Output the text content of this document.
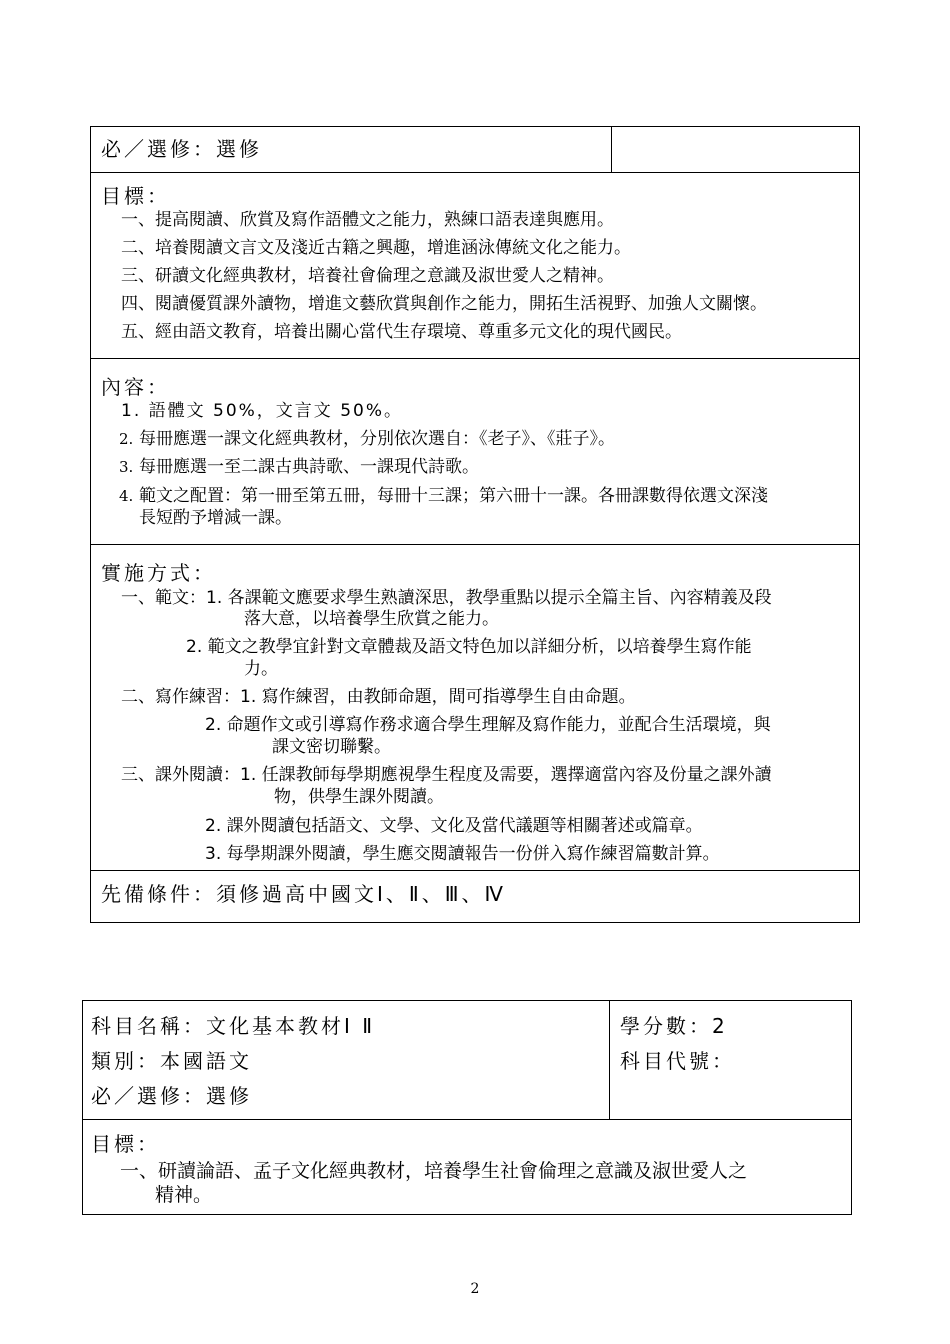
必／選修：選修
目標：
一、提高閱讀、欣賞及寫作語體文之能力，熟練口語表達與應用。
二、培養閱讀文言文及淺近古籍之興趣，增進涵泳傳統文化之能力。
三、研讀文化經典教材，培養社會倫理之意識及淑世愛人之精神。
四、閱讀優質課外讀物，增進文藝欣賞與創作之能力，開拓生活視野、加強人文關懷。
五、經由語文教育，培養出關心當代生存環境、尊重多元文化的現代國民。
內容：
1. 語體文 50%，文言文 50%。
2. 每冊應選一課文化經典教材，分別依次選自：《老子》、《莊子》。
3. 每冊應選一至二課古典詩歌、一課現代詩歌。
4. 範文之配置：第一冊至第五冊，每冊十三課；第六冊十一課。各冊課數得依選文深淺
長短酌予增減一課。
實施方式：
一、範文：1. 各課範文應要求學生熟讀深思，教學重點以提示全篇主旨、內容精義及段
落大意，以培養學生欣賞之能力。
2. 範文之教學宜針對文章體裁及語文特色加以詳細分析，以培養學生寫作能
力。
二、寫作練習：1. 寫作練習，由教師命題，間可指導學生自由命題。
2. 命題作文或引導寫作務求適合學生理解及寫作能力，並配合生活環境，與
課文密切聯繫。
三、課外閱讀：1. 任課教師每學期應視學生程度及需要，選擇適當內容及份量之課外讀
物，供學生課外閱讀。
2. 課外閱讀包括語文、文學、文化及當代議題等相關著述或篇章。
3. 每學期課外閱讀，學生應交閱讀報告一份併入寫作練習篇數計算。
先備條件：須修過高中國文Ⅰ、Ⅱ、Ⅲ、Ⅳ
科目名稱：文化基本教材Ⅰ Ⅱ
類別：本國語文
必／選修：選修
學分數：2
科目代號：
目標：
一、研讀論語、孟子文化經典教材，培養學生社會倫理之意識及淑世愛人之
精神。
2
